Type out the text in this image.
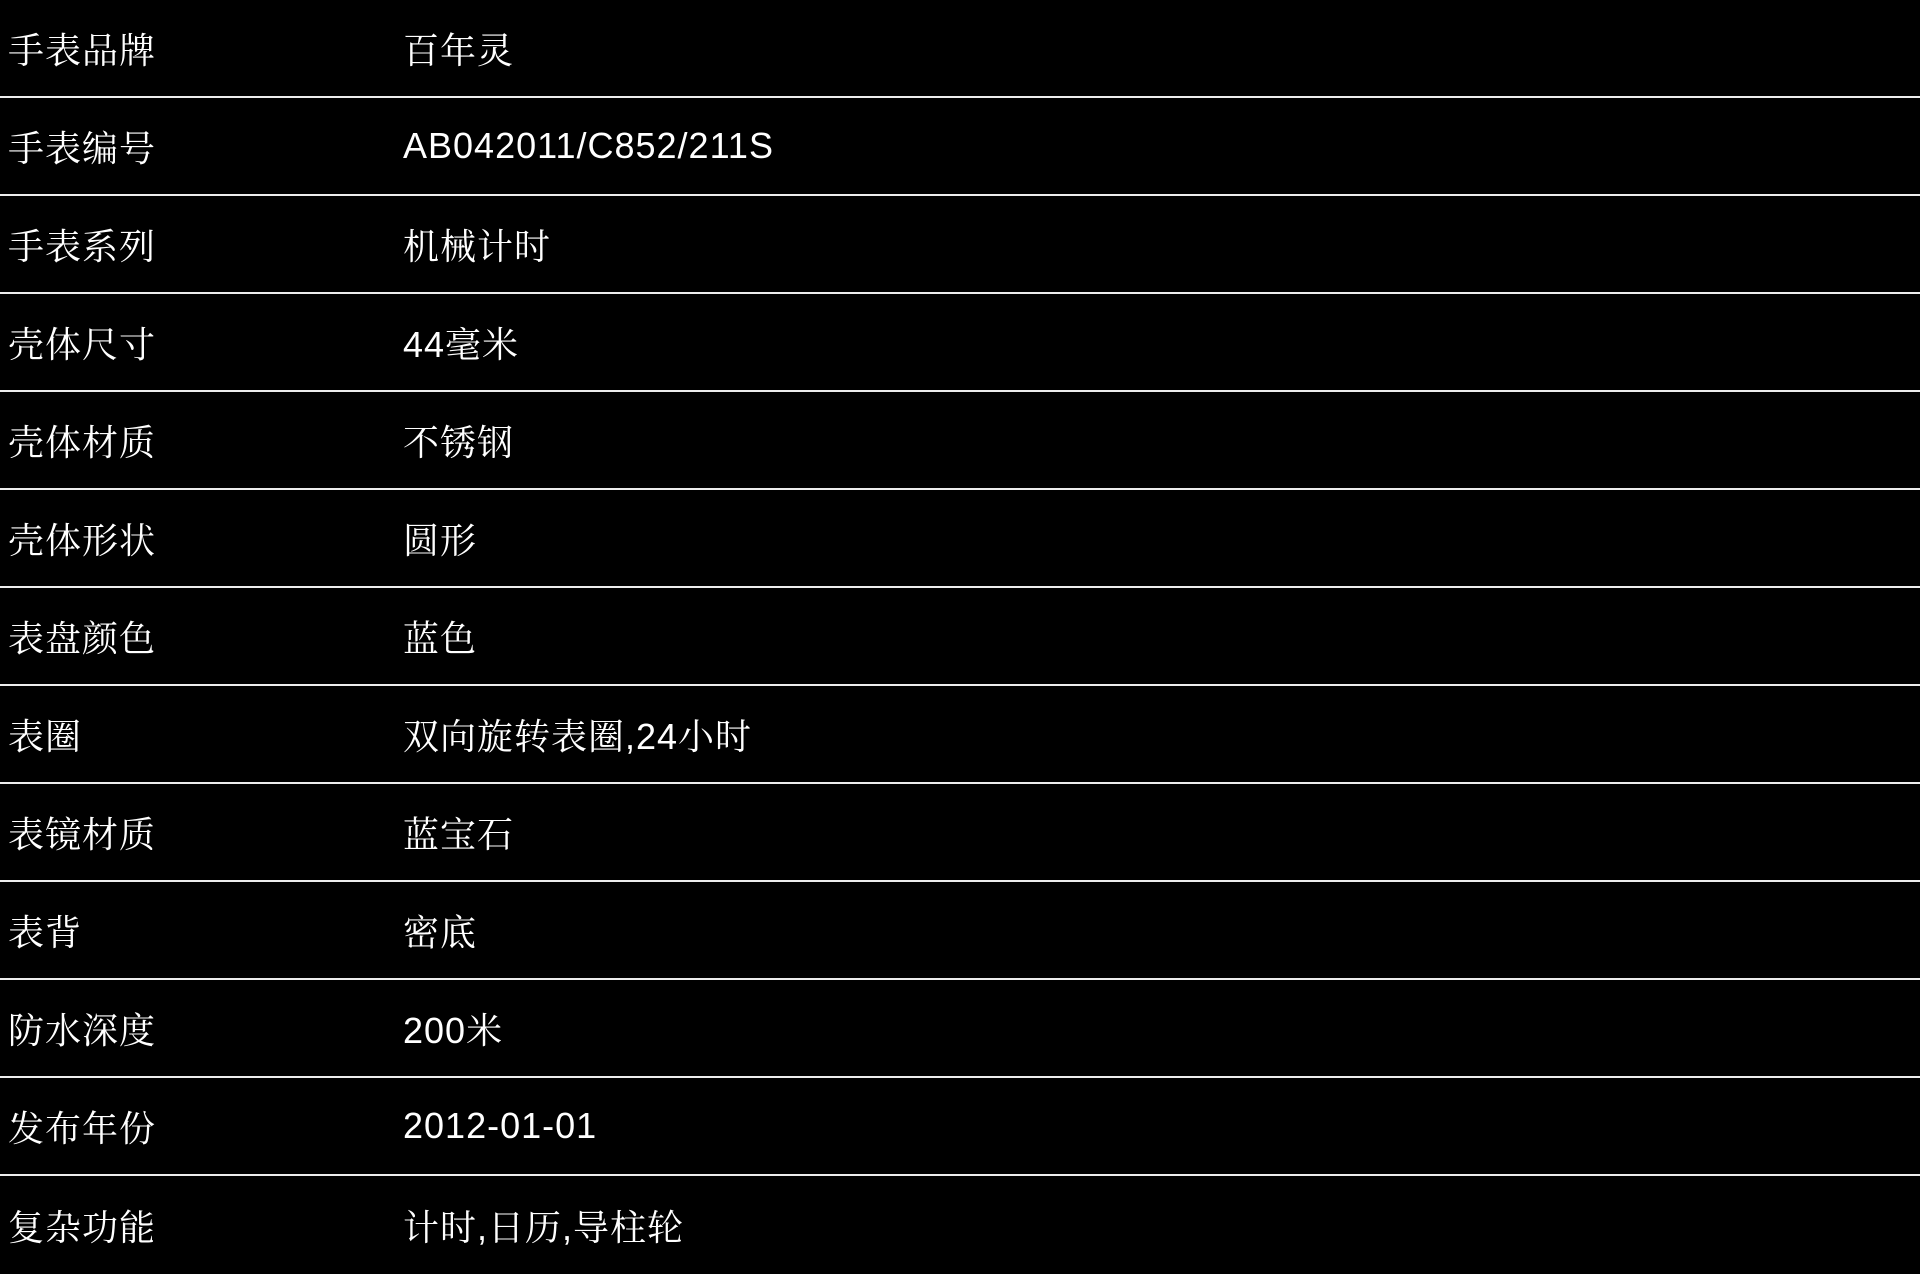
手表品牌	百年灵
手表编号	AB042011/C852/211S
手表系列	机械计时
壳体尺寸	44毫米
壳体材质	不锈钢
壳体形状	圆形
表盘颜色	蓝色
表圈	双向旋转表圈,24小时
表镜材质	蓝宝石
表背	密底
防水深度	200米
发布年份	2012-01-01
复杂功能	计时,日历,导柱轮
